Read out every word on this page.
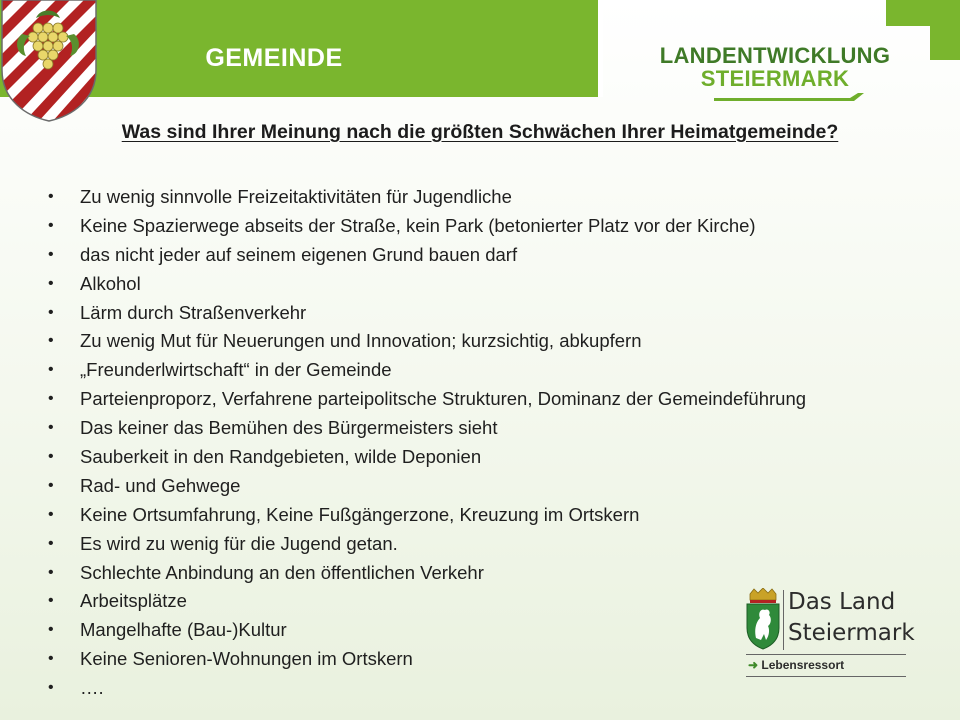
GEMEINDE	LANDENTWICKLUNG
STEIERMARK
Was sind Ihrer Meinung nach die größten Schwächen Ihrer Heimatgemeinde?
• Zu wenig sinnvolle Freizeitaktivitäten für Jugendliche
• Keine Spazierwege abseits der Straße, kein Park (betonierter Platz vor der Kirche)
• das nicht jeder auf seinem eigenen Grund bauen darf
• Alkohol
• Lärm durch Straßenverkehr
• Zu wenig Mut für Neuerungen und Innovation; kurzsichtig, abkupfern
• „Freunderlwirtschaft“ in der Gemeinde
• Parteienproporz, Verfahrene parteipolitsche Strukturen, Dominanz der Gemeindeführung
• Das keiner das Bemühen des Bürgermeisters sieht
• Sauberkeit in den Randgebieten, wilde Deponien
• Rad- und Gehwege
• Keine Ortsumfahrung, Keine Fußgängerzone, Kreuzung im Ortskern
• Es wird zu wenig für die Jugend getan.
• Schlechte Anbindung an den öffentlichen Verkehr
• Arbeitsplätze
• Mangelhafte (Bau-)Kultur
• Keine Senioren-Wohnungen im Ortskern
• ….
Das Land
Steiermark
➜ Lebensressort
